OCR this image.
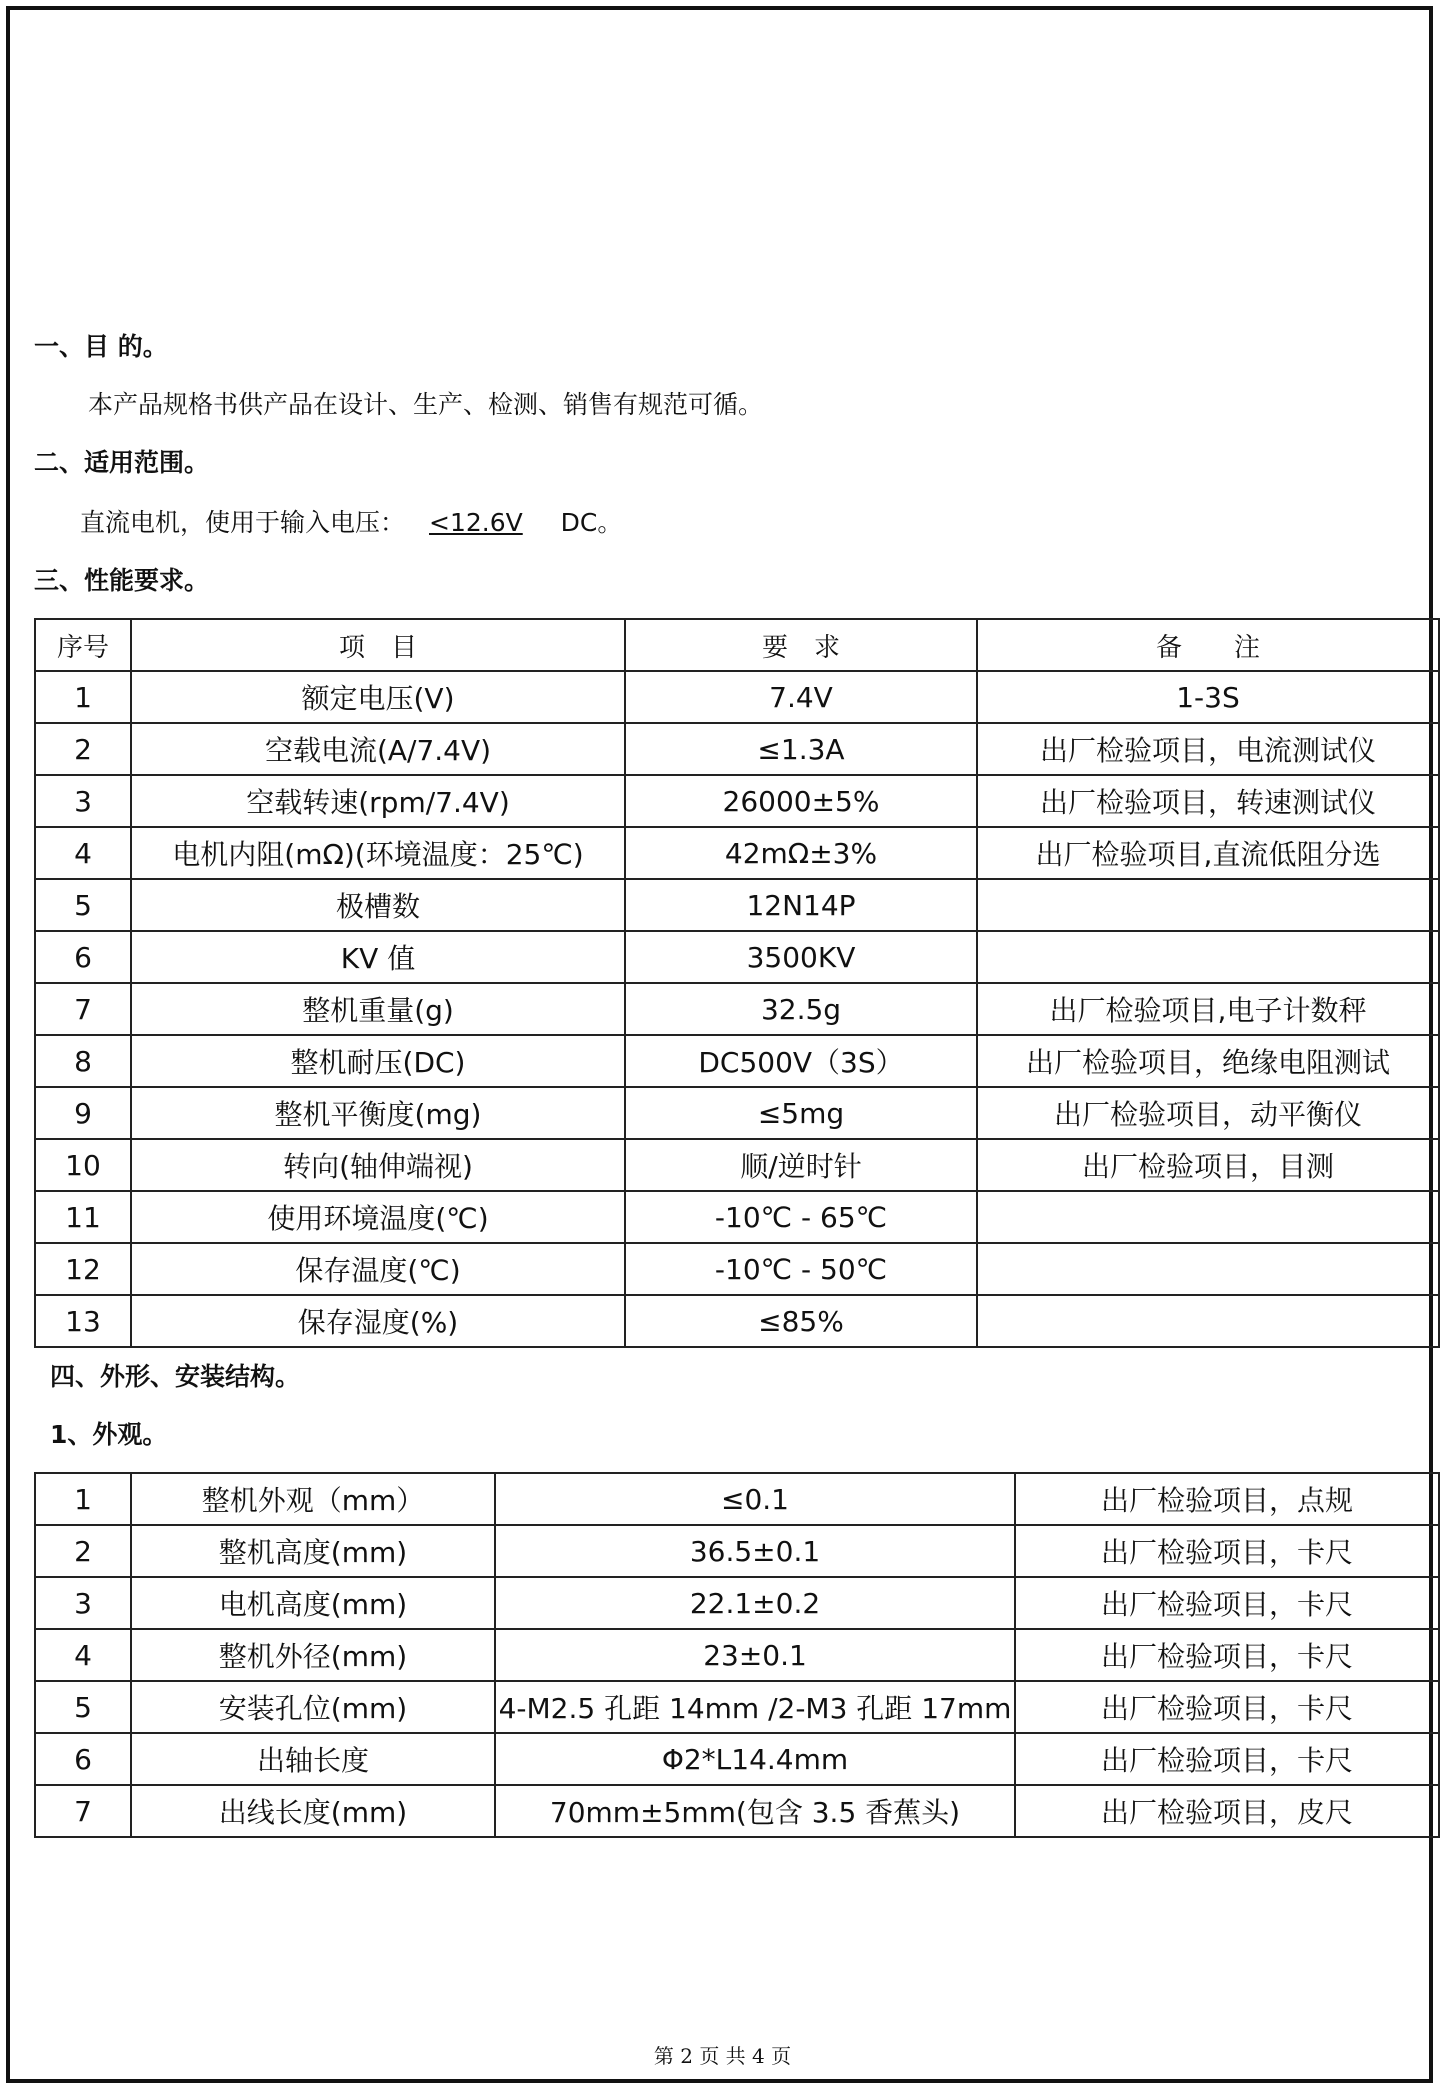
一、目 的。
本产品规格书供产品在设计、生产、检测、销售有规范可循。
二、适用范围。
直流电机，使用于输入电压： <12.6V DC。
三、性能要求。
序号	项　目	要　求	备　　注
1	额定电压(V)	7.4V	1-3S
2	空载电流(A/7.4V)	≤1.3A	出厂检验项目，电流测试仪
3	空载转速(rpm/7.4V)	26000±5%	出厂检验项目，转速测试仪
4	电机内阻(mΩ)(环境温度：25℃)	42mΩ±3%	出厂检验项目,直流低阻分选
5	极槽数	12N14P	
6	KV 值	3500KV	
7	整机重量(g)	32.5g	出厂检验项目,电子计数秤
8	整机耐压(DC)	DC500V（3S）	出厂检验项目，绝缘电阻测试
9	整机平衡度(mg)	≤5mg	出厂检验项目，动平衡仪
10	转向(轴伸端视)	顺/逆时针	出厂检验项目，目测
11	使用环境温度(℃)	-10℃ - 65℃	
12	保存温度(℃)	-10℃ - 50℃	
13	保存湿度(%)	≤85%	
四、外形、安装结构。
1、外观。
1	整机外观（mm）	≤0.1	出厂检验项目，点规
2	整机高度(mm)	36.5±0.1	出厂检验项目，卡尺
3	电机高度(mm)	22.1±0.2	出厂检验项目，卡尺
4	整机外径(mm)	23±0.1	出厂检验项目，卡尺
5	安装孔位(mm)	4-M2.5 孔距 14mm /2-M3 孔距 17mm	出厂检验项目，卡尺
6	出轴长度	Φ2*L14.4mm	出厂检验项目，卡尺
7	出线长度(mm)	70mm±5mm(包含 3.5 香蕉头)	出厂检验项目，皮尺
第 2 页 共 4 页
